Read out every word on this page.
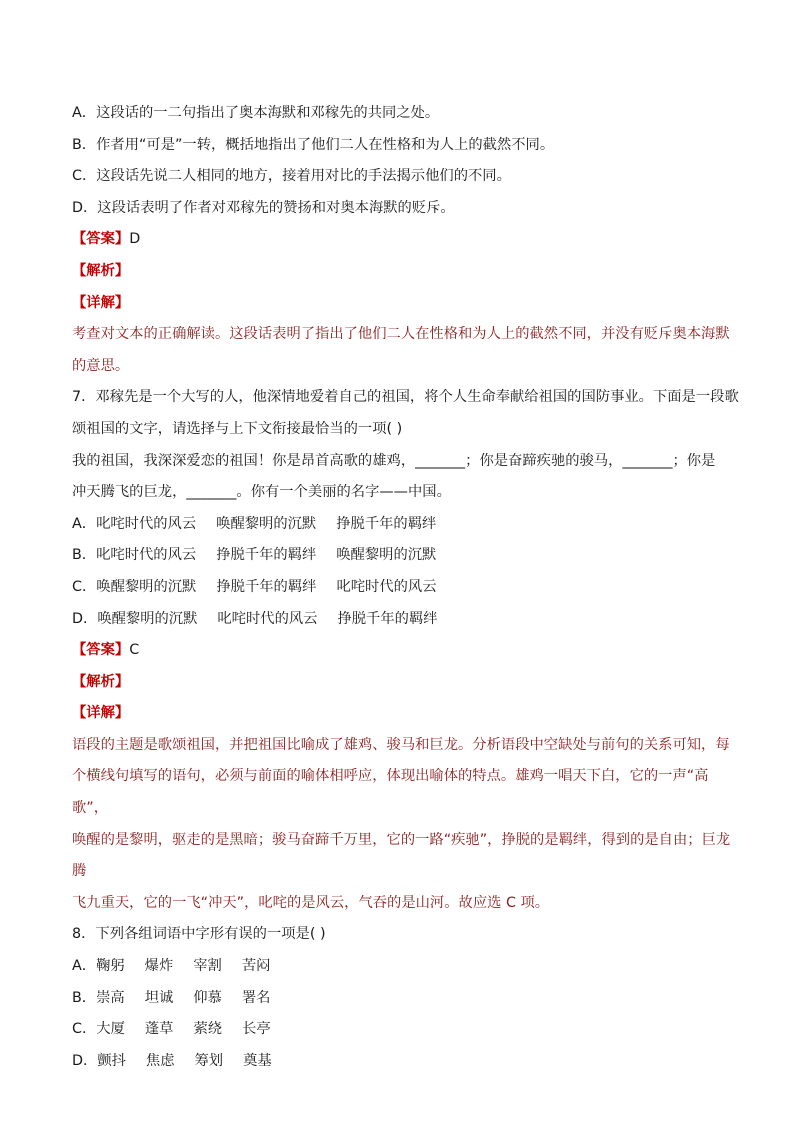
A．这段话的一二句指出了奥本海默和邓稼先的共同之处。
B．作者用“可是”一转，概括地指出了他们二人在性格和为人上的截然不同。
C．这段话先说二人相同的地方，接着用对比的手法揭示他们的不同。
D．这段话表明了作者对邓稼先的赞扬和对奥本海默的贬斥。
【答案】D
【解析】
【详解】
考查对文本的正确解读。这段话表明了指出了他们二人在性格和为人上的截然不同，并没有贬斥奥本海默
的意思。
7．邓稼先是一个大写的人，他深情地爱着自己的祖国，将个人生命奉献给祖国的国防事业。下面是一段歌
颂祖国的文字，请选择与上下文衔接最恰当的一项( )
我的祖国，我深深爱恋的祖国！你是昂首高歌的雄鸡，_______；你是奋蹄疾驰的骏马，_______；你是
冲天腾飞的巨龙，_______。你有一个美丽的名字——中国。
A．叱咤时代的风云 唤醒黎明的沉默 挣脱千年的羁绊
B．叱咤时代的风云 挣脱千年的羁绊 唤醒黎明的沉默
C．唤醒黎明的沉默 挣脱千年的羁绊 叱咤时代的风云
D．唤醒黎明的沉默 叱咤时代的风云 挣脱千年的羁绊
【答案】C
【解析】
【详解】
语段的主题是歌颂祖国，并把祖国比喻成了雄鸡、骏马和巨龙。分析语段中空缺处与前句的关系可知，每
个横线句填写的语句，必须与前面的喻体相呼应，体现出喻体的特点。雄鸡一唱天下白，它的一声“高歌”，
唤醒的是黎明，驱走的是黑暗；骏马奋蹄千万里，它的一路“疾驰”，挣脱的是羁绊，得到的是自由；巨龙腾
飞九重天，它的一飞“冲天”，叱咤的是风云，气吞的是山河。故应选 C 项。
8．下列各组词语中字形有误的一项是( )
A．鞠躬 爆炸 宰割 苦闷
B．崇高 坦诚 仰慕 署名
C．大厦 蓬草 萦绕 长亭
D．颤抖 焦虑 筹划 奠基
